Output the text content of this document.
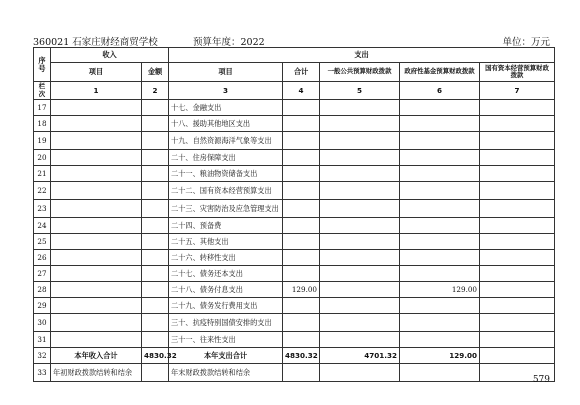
360021 石家庄财经商贸学校	预算年度：2022	单位：万元
序号	收入		支出				
	项目	金额	项目	合计	一般公共预算财政拨款	政府性基金预算财政拨款	国有资本经营预算财政拨款
栏次	1	2	3	4	5	6	7
17			十七、金融支出				
18			十八、援助其他地区支出				
19			十九、自然资源海洋气象等支出				
20			二十、住房保障支出				
21			二十一、粮油物资储备支出				
22			二十二、国有资本经营预算支出				
23			二十三、灾害防治及应急管理支出				
24			二十四、预备费				
25			二十五、其他支出				
26			二十六、转移性支出				
27			二十七、债务还本支出				
28			二十八、债务付息支出	129.00		129.00	
29			二十九、债务发行费用支出				
30			三十、抗疫特别国债安排的支出				
31			三十一、往来性支出				
32	本年收入合计	4830.32	本年支出合计	4830.32	4701.32	129.00	
33	年初财政拨款结转和结余		年末财政拨款结转和结余				
579
